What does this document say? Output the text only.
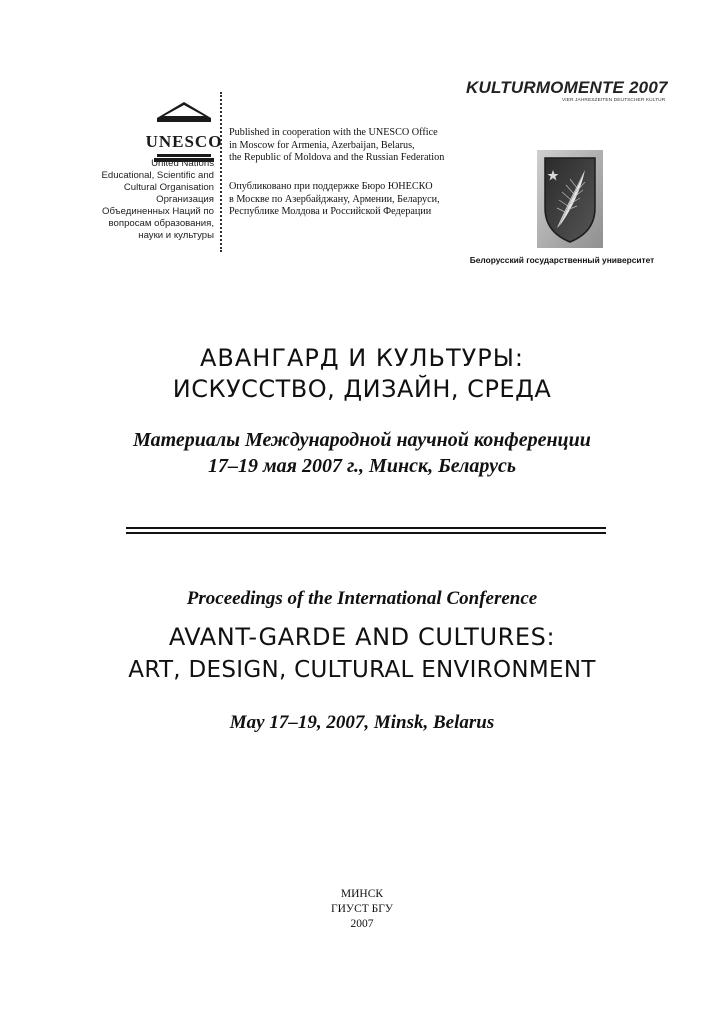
UNESCO
United Nations
Educational, Scientific and
Cultural Organisation
Организация
Объединенных Наций по
вопросам образования,
науки и культуры
Published in cooperation with the UNESCO Office
in Moscow for Armenia, Azerbaijan, Belarus,
the Republic of Moldova and the Russian Federation
Опубликовано при поддержке Бюро ЮНЕСКО
в Москве по Азербайджану, Армении, Беларуси,
Республике Молдова и Российской Федерации
KULTURMOMENTE 2007
VIER JAHRESZEITEN DEUTSCHER KULTUR
Белорусский государственный университет
АВАНГАРД И КУЛЬТУРЫ:
ИСКУССТВО, ДИЗАЙН, СРЕДА
Материалы Международной научной конференции
17–19 мая 2007 г., Минск, Беларусь
Proceedings of the International Conference
AVANT-GARDE AND CULTURES:
ART, DESIGN, CULTURAL ENVIRONMENT
May 17–19, 2007, Minsk, Belarus
МИНСК
ГИУСТ БГУ
2007
